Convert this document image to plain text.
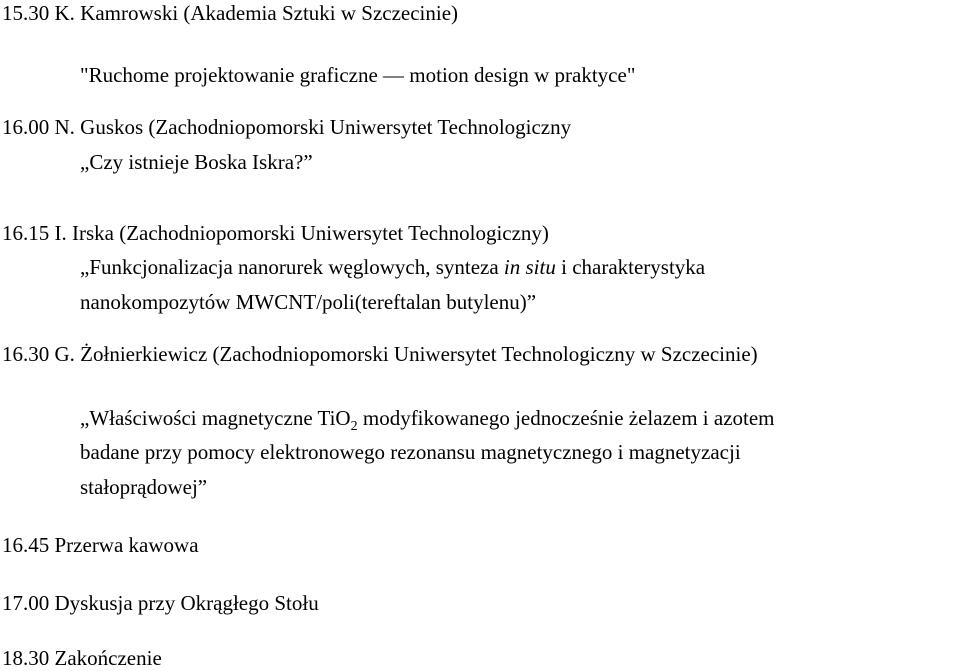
15.30 K. Kamrowski (Akademia Sztuki w Szczecinie)

"Ruchome projektowanie graficzne — motion design w praktyce"

16.00 N. Guskos (Zachodniopomorski Uniwersytet Technologiczny

„Czy istnieje Boska Iskra?”

16.15 I. Irska (Zachodniopomorski Uniwersytet Technologiczny)

„Funkcjonalizacja nanorurek węglowych, synteza in situ i charakterystyka

nanokompozytów MWCNT/poli(tereftalan butylenu)”

16.30 G. Żołnierkiewicz (Zachodniopomorski Uniwersytet Technologiczny w Szczecinie)

„Właściwości magnetyczne TiO$_2$ modyfikowanego jednocześnie żelazem i azotem

badane przy pomocy elektronowego rezonansu magnetycznego i magnetyzacji

stałoprądowej”

16.45 Przerwa kawowa

17.00 Dyskusja przy Okrągłego Stołu

18.30 Zakończenie
